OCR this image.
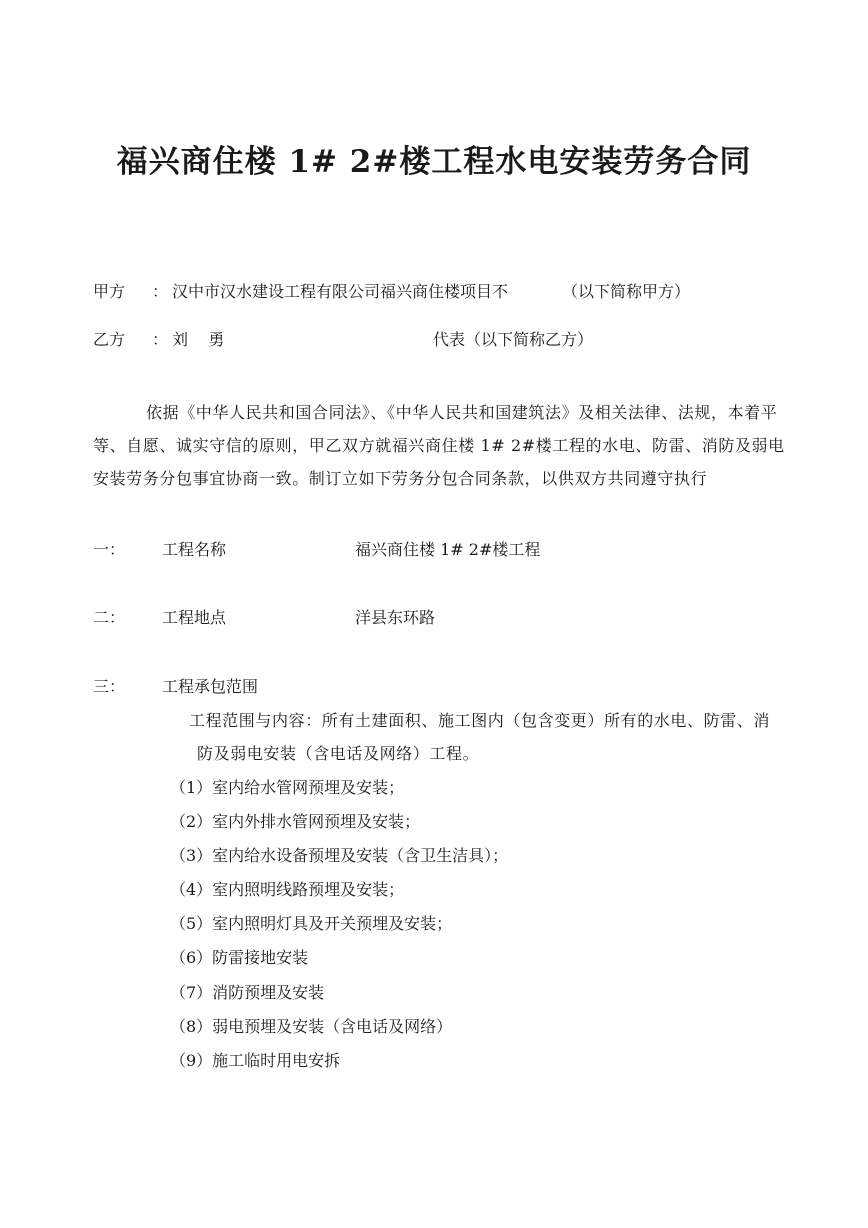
福兴商住楼 1# 2#楼工程水电安装劳务合同
甲方 ： 汉中市汉水建设工程有限公司福兴商住楼项目不	（以下简称甲方）
乙方 ： 刘    勇	代表（以下简称乙方）
依据《中华人民共和国合同法》、《中华人民共和国建筑法》及相关法律、法规，本着平
等、自愿、诚实守信的原则，甲乙双方就福兴商住楼 1# 2#楼工程的水电、防雷、消防及弱电
安装劳务分包事宜协商一致。制订立如下劳务分包合同条款，以供双方共同遵守执行
一： 工程名称	福兴商住楼 1# 2#楼工程
二： 工程地点	洋县东环路
三： 工程承包范围
工程范围与内容：所有土建面积、施工图内（包含变更）所有的水电、防雷、消
防及弱电安装（含电话及网络）工程。
（1）室内给水管网预埋及安装；
（2）室内外排水管网预埋及安装；
（3）室内给水设备预埋及安装（含卫生洁具）；
（4）室内照明线路预埋及安装；
（5）室内照明灯具及开关预埋及安装；
（6）防雷接地安装
（7）消防预埋及安装
（8）弱电预埋及安装（含电话及网络）
（9）施工临时用电安拆
